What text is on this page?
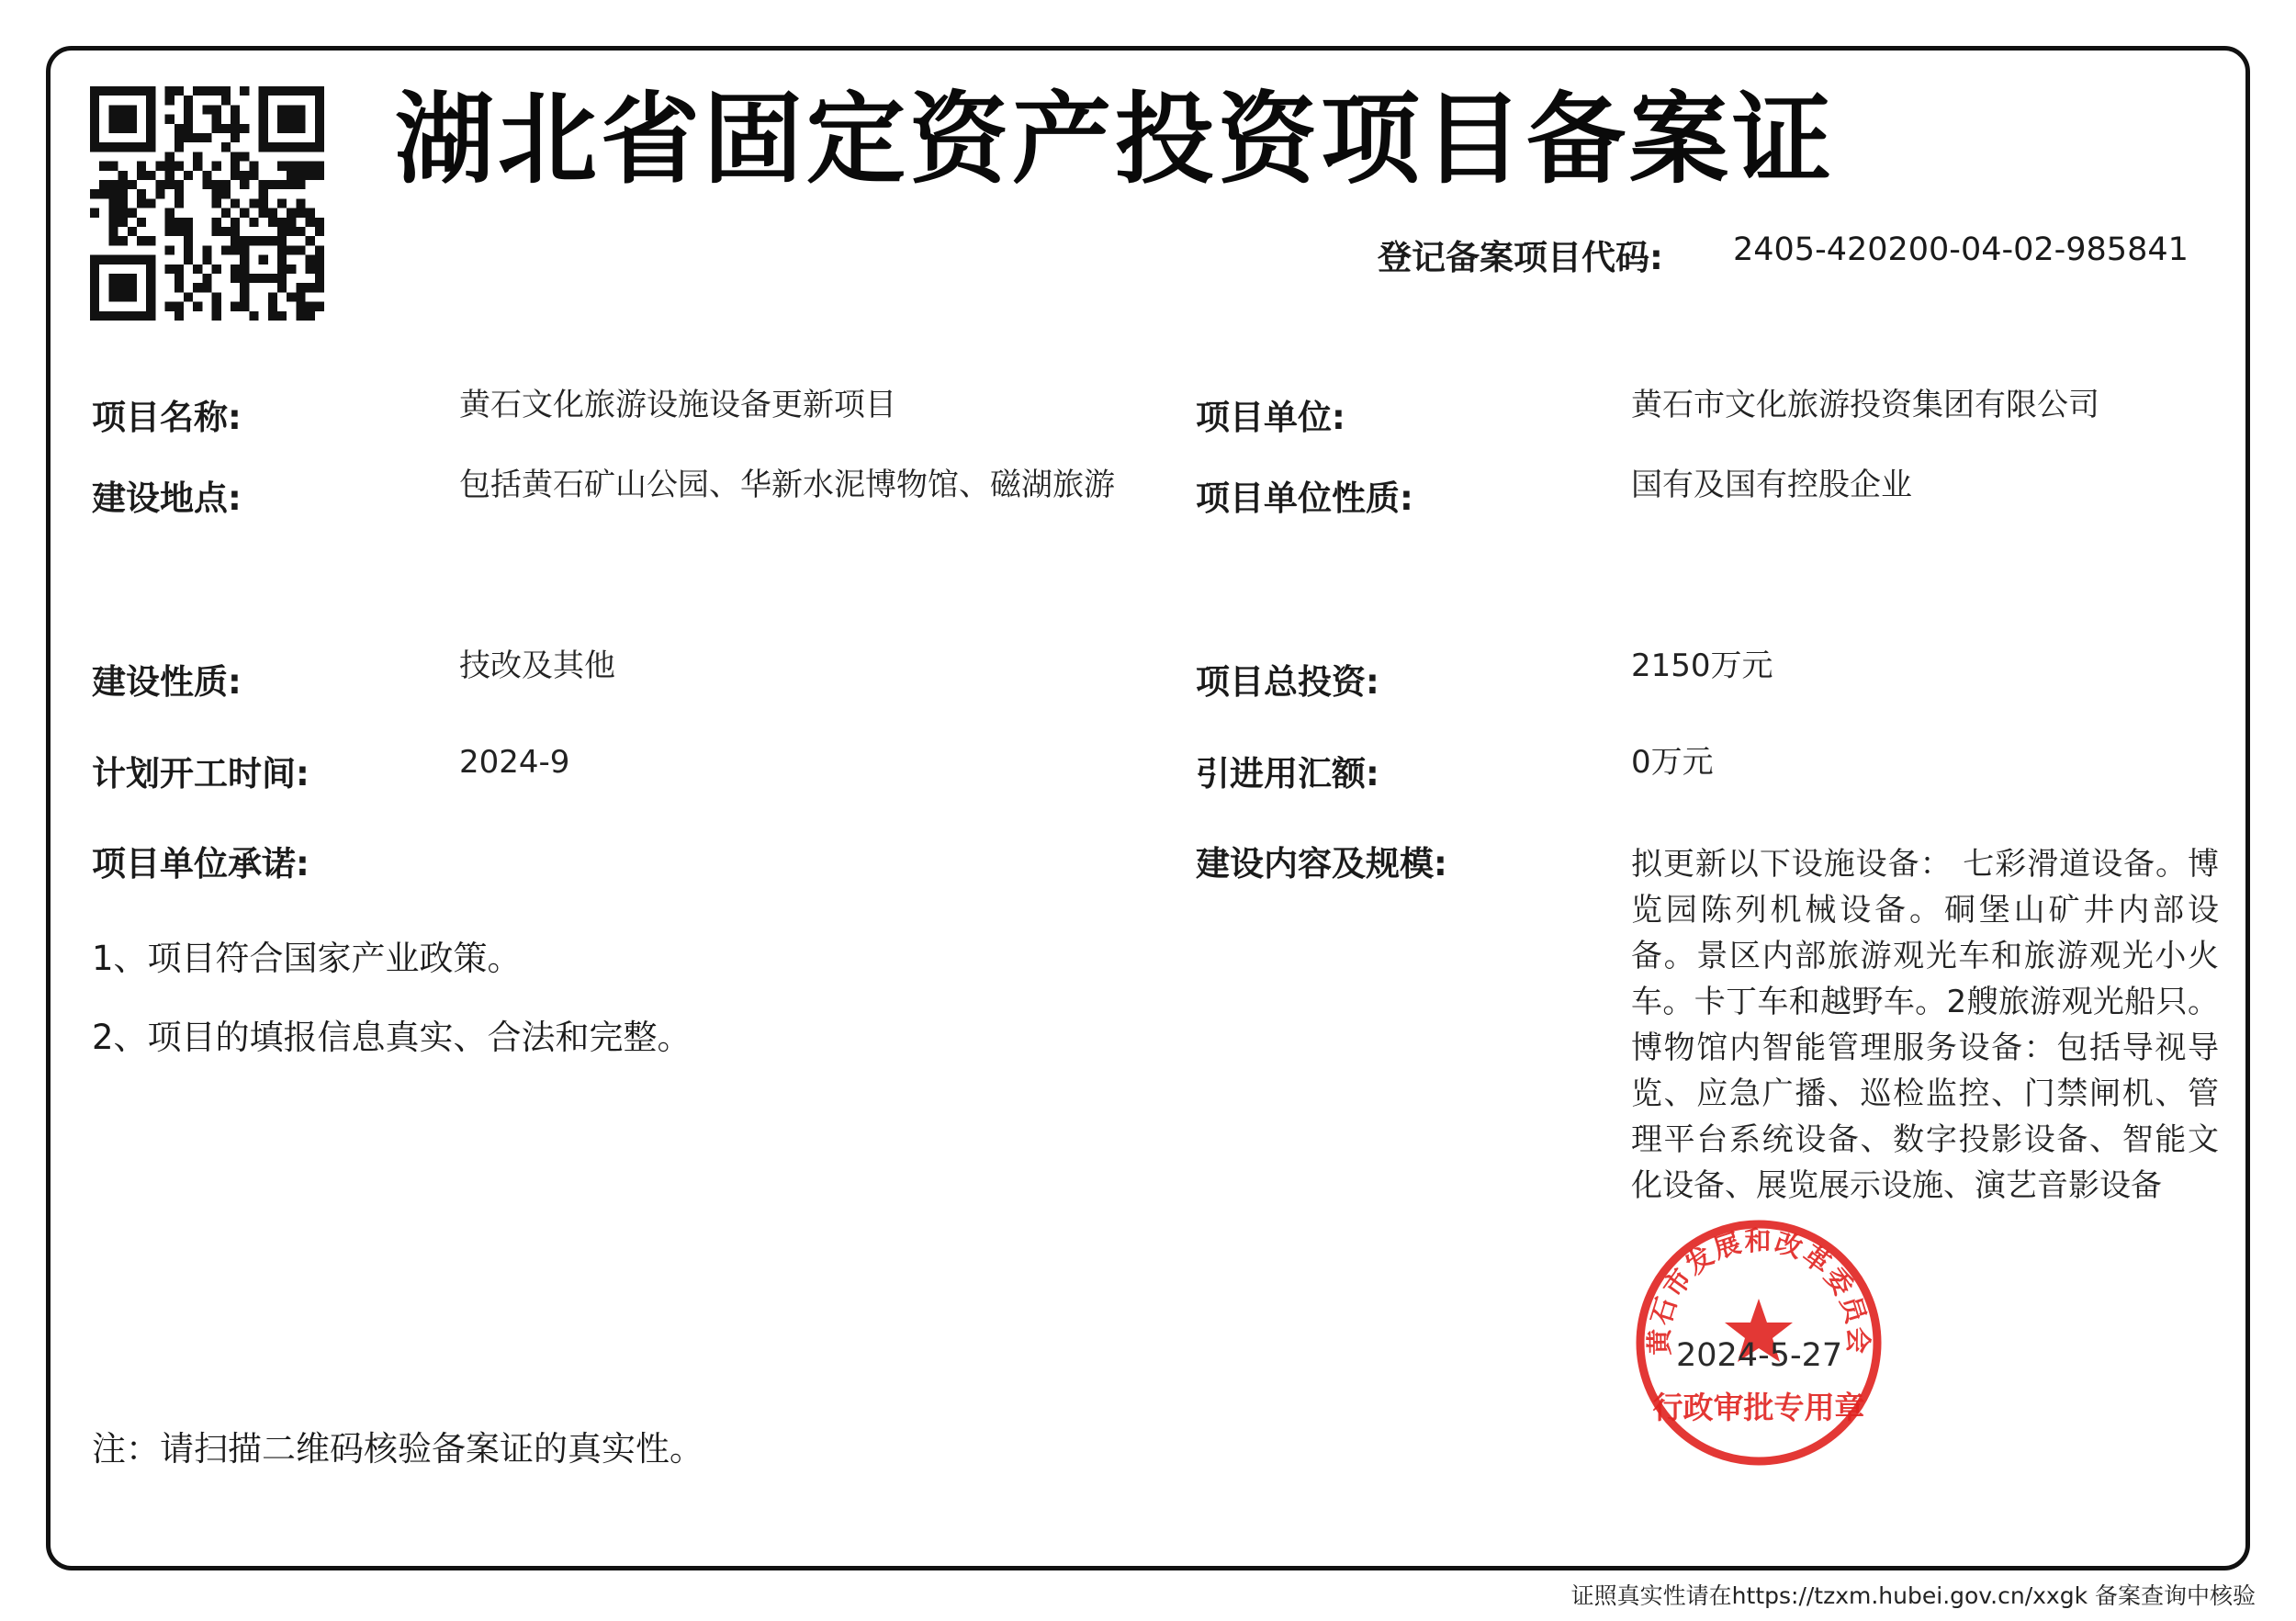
湖北省固定资产投资项目备案证
登记备案项目代码: 2405-420200-04-02-985841
项目名称:	黄石文化旅游设施设备更新项目
建设地点:	包括黄石矿山公园、华新水泥博物馆、磁湖旅游
建设性质:	技改及其他
计划开工时间:	2024-9
项目单位承诺:
1、项目符合国家产业政策。
2、项目的填报信息真实、合法和完整。
项目单位:	黄石市文化旅游投资集团有限公司
项目单位性质:	国有及国有控股企业
项目总投资:	2150万元
引进用汇额:	0万元
建设内容及规模:	拟更新以下设施设备： 七彩滑道设备。博览园陈列机械设备。硐堡山矿井内部设备。景区内部旅游观光车和旅游观光小火车。卡丁车和越野车。2艘旅游观光船只。博物馆内智能管理服务设备：包括导视导览、应急广播、巡检监控、门禁闸机、管理平台系统设备、数字投影设备、智能文化设备、展览展示设施、演艺音影设备
黄石市发展和改革委员会
行政审批专用章
2024-5-27
注：请扫描二维码核验备案证的真实性。
证照真实性请在https://tzxm.hubei.gov.cn/xxgk 备案查询中核验
